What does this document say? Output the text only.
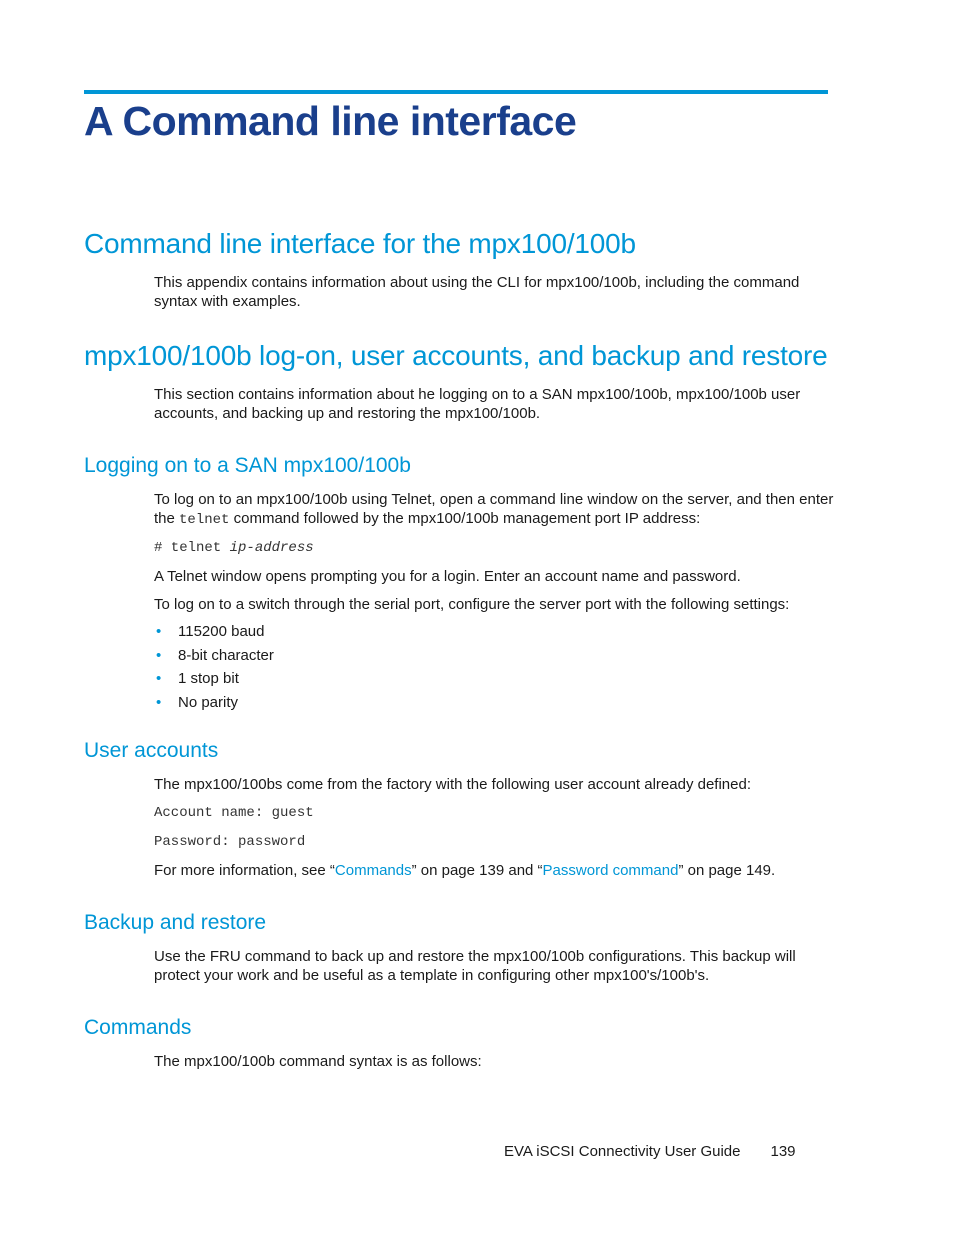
A Command line interface
Command line interface for the mpx100/100b

This appendix contains information about using the CLI for mpx100/100b, including the command syntax with examples.

mpx100/100b log-on, user accounts, and backup and restore

This section contains information about he logging on to a SAN mpx100/100b, mpx100/100b user accounts, and backing up and restoring the mpx100/100b.

Logging on to a SAN mpx100/100b

To log on to an mpx100/100b using Telnet, open a command line window on the server, and then enter the telnet command followed by the mpx100/100b management port IP address:

# telnet ip-address

A Telnet window opens prompting you for a login. Enter an account name and password.

To log on to a switch through the serial port, configure the server port with the following settings:

• 115200 baud
• 8-bit character
• 1 stop bit
• No parity
User accounts

The mpx100/100bs come from the factory with the following user account already defined:

Account name: guest
Password: password

For more information, see “Commands” on page 139 and “Password command” on page 149.

Backup and restore

Use the FRU command to back up and restore the mpx100/100b configurations. This backup will protect your work and be useful as a template in configuring other mpx100's/100b's.

Commands

The mpx100/100b command syntax is as follows:

EVA iSCSI Connectivity User Guide 139
